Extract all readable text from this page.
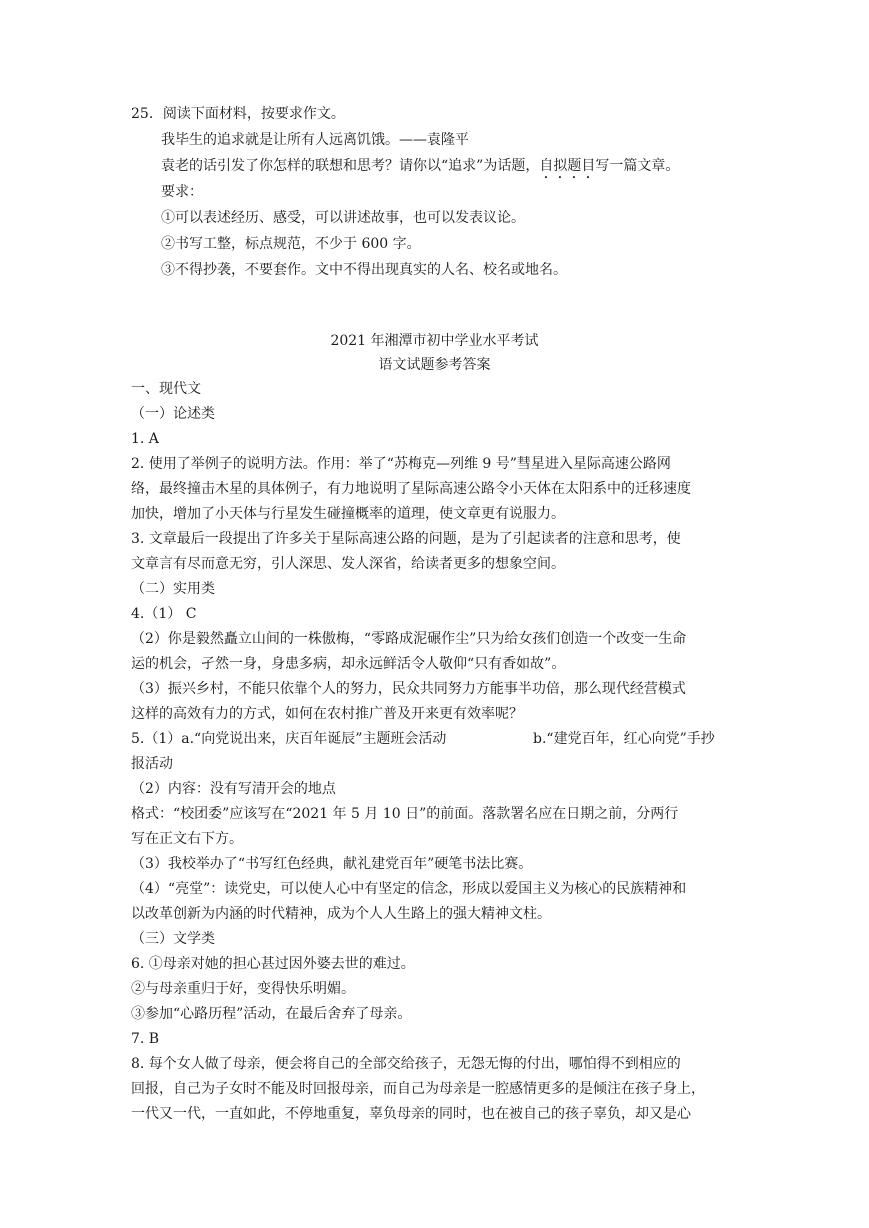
25．阅读下面材料，按要求作文。
我毕生的追求就是让所有人远离饥饿。——袁隆平
袁老的话引发了你怎样的联想和思考？请你以“追求”为话题，自拟题目写一篇文章。
要求：
①可以表述经历、感受，可以讲述故事，也可以发表议论。
②书写工整，标点规范，不少于 600 字。
③不得抄袭，不要套作。文中不得出现真实的人名、校名或地名。
2021 年湘潭市初中学业水平考试
语文试题参考答案
一、现代文
（一）论述类
1. A
2. 使用了举例子的说明方法。作用：举了“苏梅克—列维 9 号”彗星进入星际高速公路网
络，最终撞击木星的具体例子，有力地说明了星际高速公路令小天体在太阳系中的迁移速度
加快，增加了小天体与行星发生碰撞概率的道理，使文章更有说服力。
3. 文章最后一段提出了许多关于星际高速公路的问题，是为了引起读者的注意和思考，使
文章言有尽而意无穷，引人深思、发人深省，给读者更多的想象空间。
（二）实用类
4.（1） C
（2）你是毅然矗立山间的一株傲梅，“零路成泥碾作尘”只为给女孩们创造一个改变一生命
运的机会，孑然一身，身患多病，却永远鲜活令人敬仰“只有香如故”。
（3）振兴乡村，不能只依靠个人的努力，民众共同努力方能事半功倍，那么现代经营模式
这样的高效有力的方式，如何在农村推广普及开来更有效率呢？
5.（1）a.“向党说出来，庆百年诞辰”主题班会活动	b.“建党百年，红心向党”手抄
报活动
（2）内容：没有写清开会的地点
格式：“校团委”应该写在“2021 年 5 月 10 日”的前面。落款署名应在日期之前，分两行
写在正文右下方。
（3）我校举办了“书写红色经典，献礼建党百年”硬笔书法比赛。
（4）“亮堂”：读党史，可以使人心中有坚定的信念，形成以爱国主义为核心的民族精神和
以改革创新为内涵的时代精神，成为个人人生路上的强大精神文柱。
（三）文学类
6. ①母亲对她的担心甚过因外婆去世的难过。
②与母亲重归于好，变得快乐明媚。
③参加“心路历程”活动，在最后舍弃了母亲。
7. B
8. 每个女人做了母亲，便会将自己的全部交给孩子，无怨无悔的付出，哪怕得不到相应的
回报，自己为子女时不能及时回报母亲，而自己为母亲是一腔感情更多的是倾注在孩子身上，
一代又一代，一直如此，不停地重复，辜负母亲的同时，也在被自己的孩子辜负，却又是心
